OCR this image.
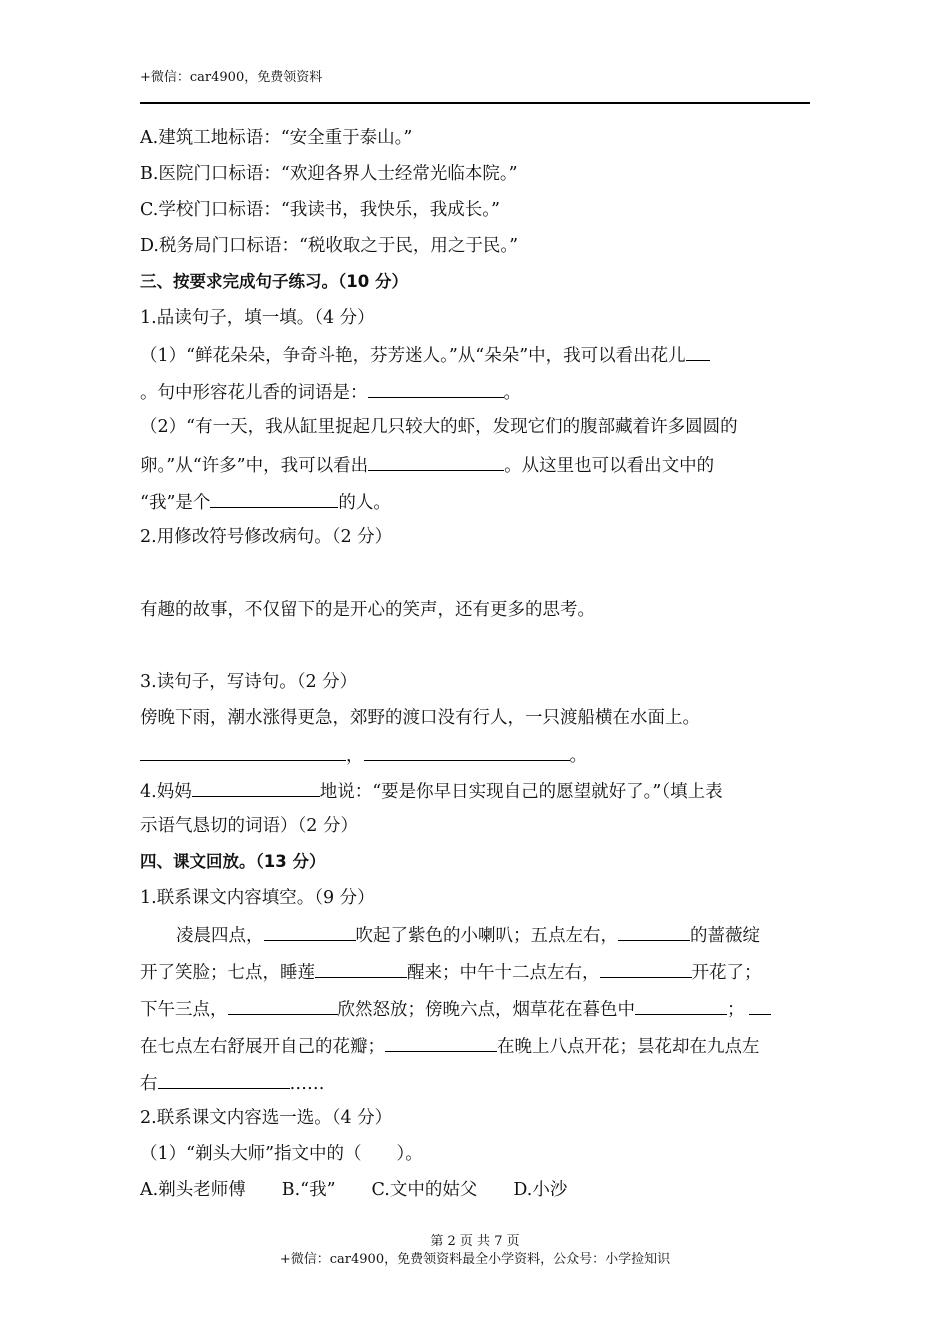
+微信：car4900，免费领资料
A.建筑工地标语：“安全重于泰山。”
B.医院门口标语：“欢迎各界人士经常光临本院。”
C.学校门口标语：“我读书，我快乐，我成长。”
D.税务局门口标语：“税收取之于民，用之于民。”
三、按要求完成句子练习。（10 分）
1.品读句子，填一填。（4 分）
（1）“鲜花朵朵，争奇斗艳，芬芳迷人。”从“朵朵”中，我可以看出花儿
。句中形容花儿香的词语是：	。
（2）“有一天，我从缸里捉起几只较大的虾，发现它们的腹部藏着许多圆圆的
卵。”从“许多”中，我可以看出	。从这里也可以看出文中的
“我”是个	的人。
2.用修改符号修改病句。（2 分）
有趣的故事，不仅留下的是开心的笑声，还有更多的思考。
3.读句子，写诗句。（2 分）
傍晚下雨，潮水涨得更急，郊野的渡口没有行人，一只渡船横在水面上。
，	。
4.妈妈	地说：“要是你早日实现自己的愿望就好了。”（填上表
示语气恳切的词语）（2 分）
四、课文回放。（13 分）
1.联系课文内容填空。（9 分）
凌晨四点，	吹起了紫色的小喇叭；五点左右，	的蔷薇绽
开了笑脸；七点，睡莲	醒来；中午十二点左右，	开花了；
下午三点，	欣然怒放；傍晚六点，烟草花在暮色中	；
在七点左右舒展开自己的花瓣；	在晚上八点开花；昙花却在九点左
右	……
2.联系课文内容选一选。（4 分）
（1）“剃头大师”指文中的（　　）。
A.剃头老师傅 B.“我” C.文中的姑父 D.小沙
第 2 页 共 7 页
+微信：car4900，免费领资料最全小学资料，公众号：小学捡知识
